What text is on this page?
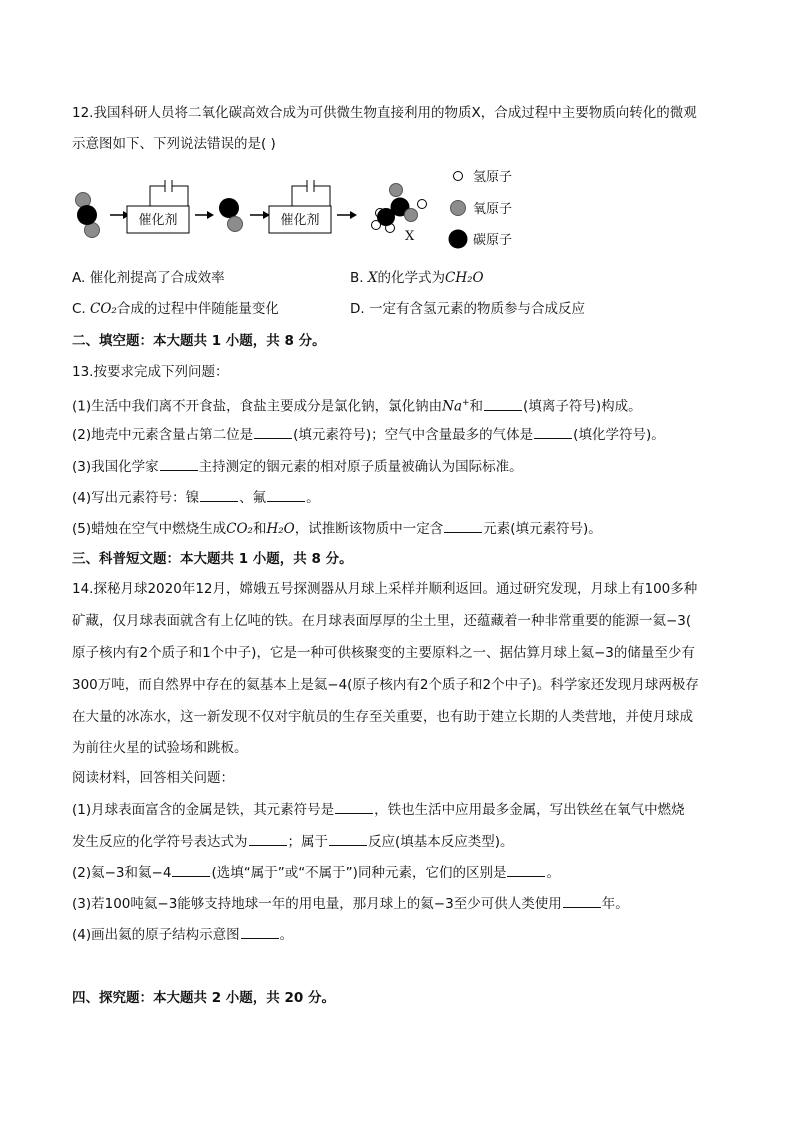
12.我国科研人员将二氧化碳高效合成为可供微生物直接利用的物质X，合成过程中主要物质向转化的微观
示意图如下、下列说法错误的是( )
催化剂	催化剂
X
氢原子
氧原子
碳原子
A. 催化剂提高了合成效率	B. X的化学式为CH₂O
C. CO₂合成的过程中伴随能量变化	D. 一定有含氢元素的物质参与合成反应
二、填空题：本大题共 1 小题，共 8 分。
13.按要求完成下列问题：
(1)生活中我们离不开食盐，食盐主要成分是氯化钠，氯化钠由Na+和	(填离子符号)构成。
(2)地壳中元素含量占第二位是	(填元素符号)；空气中含量最多的气体是	(填化学符号)。
(3)我国化学家	主持测定的铟元素的相对原子质量被确认为国际标准。
(4)写出元素符号：镍	、氟	。
(5)蜡烛在空气中燃烧生成CO₂和H₂O，试推断该物质中一定含	元素(填元素符号)。
三、科普短文题：本大题共 1 小题，共 8 分。
14.探秘月球2020年12月，嫦娥五号探测器从月球上采样并顺利返回。通过研究发现，月球上有100多种
矿藏，仅月球表面就含有上亿吨的铁。在月球表面厚厚的尘土里，还蕴藏着一种非常重要的能源一氦−3(
原子核内有2个质子和1个中子)，它是一种可供核聚变的主要原料之一、据估算月球上氦−3的储量至少有
300万吨，而自然界中存在的氦基本上是氦−4(原子核内有2个质子和2个中子)。科学家还发现月球两极存
在大量的冰冻水，这一新发现不仅对宇航员的生存至关重要，也有助于建立长期的人类营地，并使月球成
为前往火星的试验场和跳板。
阅读材料，回答相关问题：
(1)月球表面富含的金属是铁，其元素符号是	，铁也生活中应用最多金属，写出铁丝在氧气中燃烧
发生反应的化学符号表达式为	；属于	反应(填基本反应类型)。
(2)氦−3和氦−4	(选填“属于”或“不属于”)同种元素，它们的区别是	。
(3)若100吨氦−3能够支持地球一年的用电量，那月球上的氦−3至少可供人类使用	年。
(4)画出氦的原子结构示意图	。
四、探究题：本大题共 2 小题，共 20 分。
